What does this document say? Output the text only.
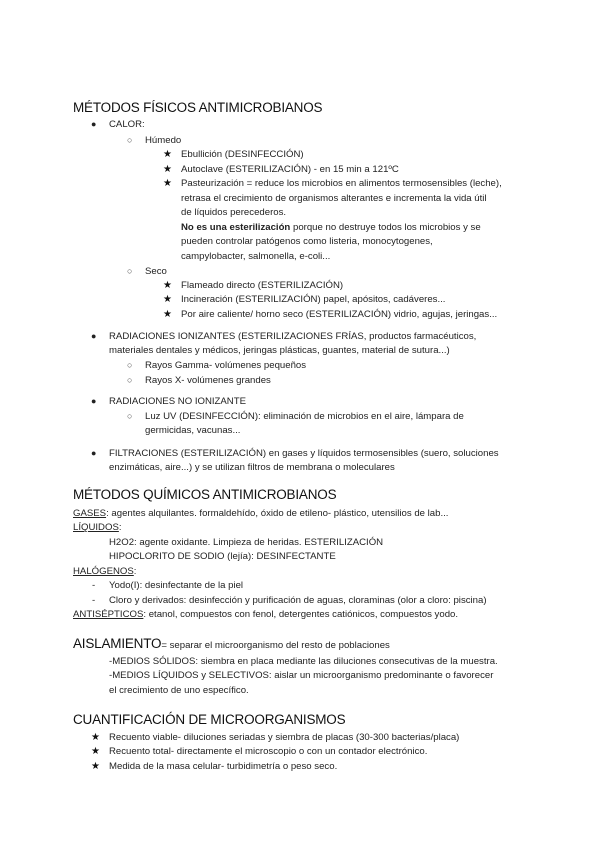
MÉTODOS FÍSICOS ANTIMICROBIANOS
● CALOR:
○ Húmedo
★ Ebullición (DESINFECCIÓN)
★ Autoclave (ESTERILIZACIÓN) - en 15 min a 121ºC
★ Pasteurización = reduce los microbios en alimentos termosensibles (leche),
retrasa el crecimiento de organismos alterantes e incrementa la vida útil
de líquidos perecederos.
No es una esterilización porque no destruye todos los microbios y se
pueden controlar patógenos como listeria, monocytogenes,
campylobacter, salmonella, e-coli...
○ Seco
★ Flameado directo (ESTERILIZACIÓN)
★ Incineración (ESTERILIZACIÓN) papel, apósitos, cadáveres...
★ Por aire caliente/ horno seco (ESTERILIZACIÓN) vidrio, agujas, jeringas...
● RADIACIONES IONIZANTES (ESTERILIZACIONES FRÍAS, productos farmacéuticos,
materiales dentales y médicos, jeringas plásticas, guantes, material de sutura...)
○ Rayos Gamma- volúmenes pequeños
○ Rayos X- volúmenes grandes
● RADIACIONES NO IONIZANTE
○ Luz UV (DESINFECCIÓN): eliminación de microbios en el aire, lámpara de
germicidas, vacunas...
● FILTRACIONES (ESTERILIZACIÓN) en gases y líquidos termosensibles (suero, soluciones
enzimáticas, aire...) y se utilizan filtros de membrana o moleculares
MÉTODOS QUÍMICOS ANTIMICROBIANOS
GASES: agentes alquilantes. formaldehído, óxido de etileno- plástico, utensilios de lab...
LÍQUIDOS:
H2O2: agente oxidante. Limpieza de heridas. ESTERILIZACIÓN
HIPOCLORITO DE SODIO (lejía): DESINFECTANTE
HALÓGENOS:
- Yodo(I): desinfectante de la piel
- Cloro y derivados: desinfección y purificación de aguas, cloraminas (olor a cloro: piscina)
ANTISÉPTICOS: etanol, compuestos con fenol, detergentes catiónicos, compuestos yodo.
AISLAMIENTO= separar el microorganismo del resto de poblaciones
-MEDIOS SÓLIDOS: siembra en placa mediante las diluciones consecutivas de la muestra.
-MEDIOS LÍQUIDOS y SELECTIVOS: aislar un microorganismo predominante o favorecer
el crecimiento de uno específico.
CUANTIFICACIÓN DE MICROORGANISMOS
★ Recuento viable- diluciones seriadas y siembra de placas (30-300 bacterias/placa)
★ Recuento total- directamente el microscopio o con un contador electrónico.
★ Medida de la masa celular- turbidimetría o peso seco.
